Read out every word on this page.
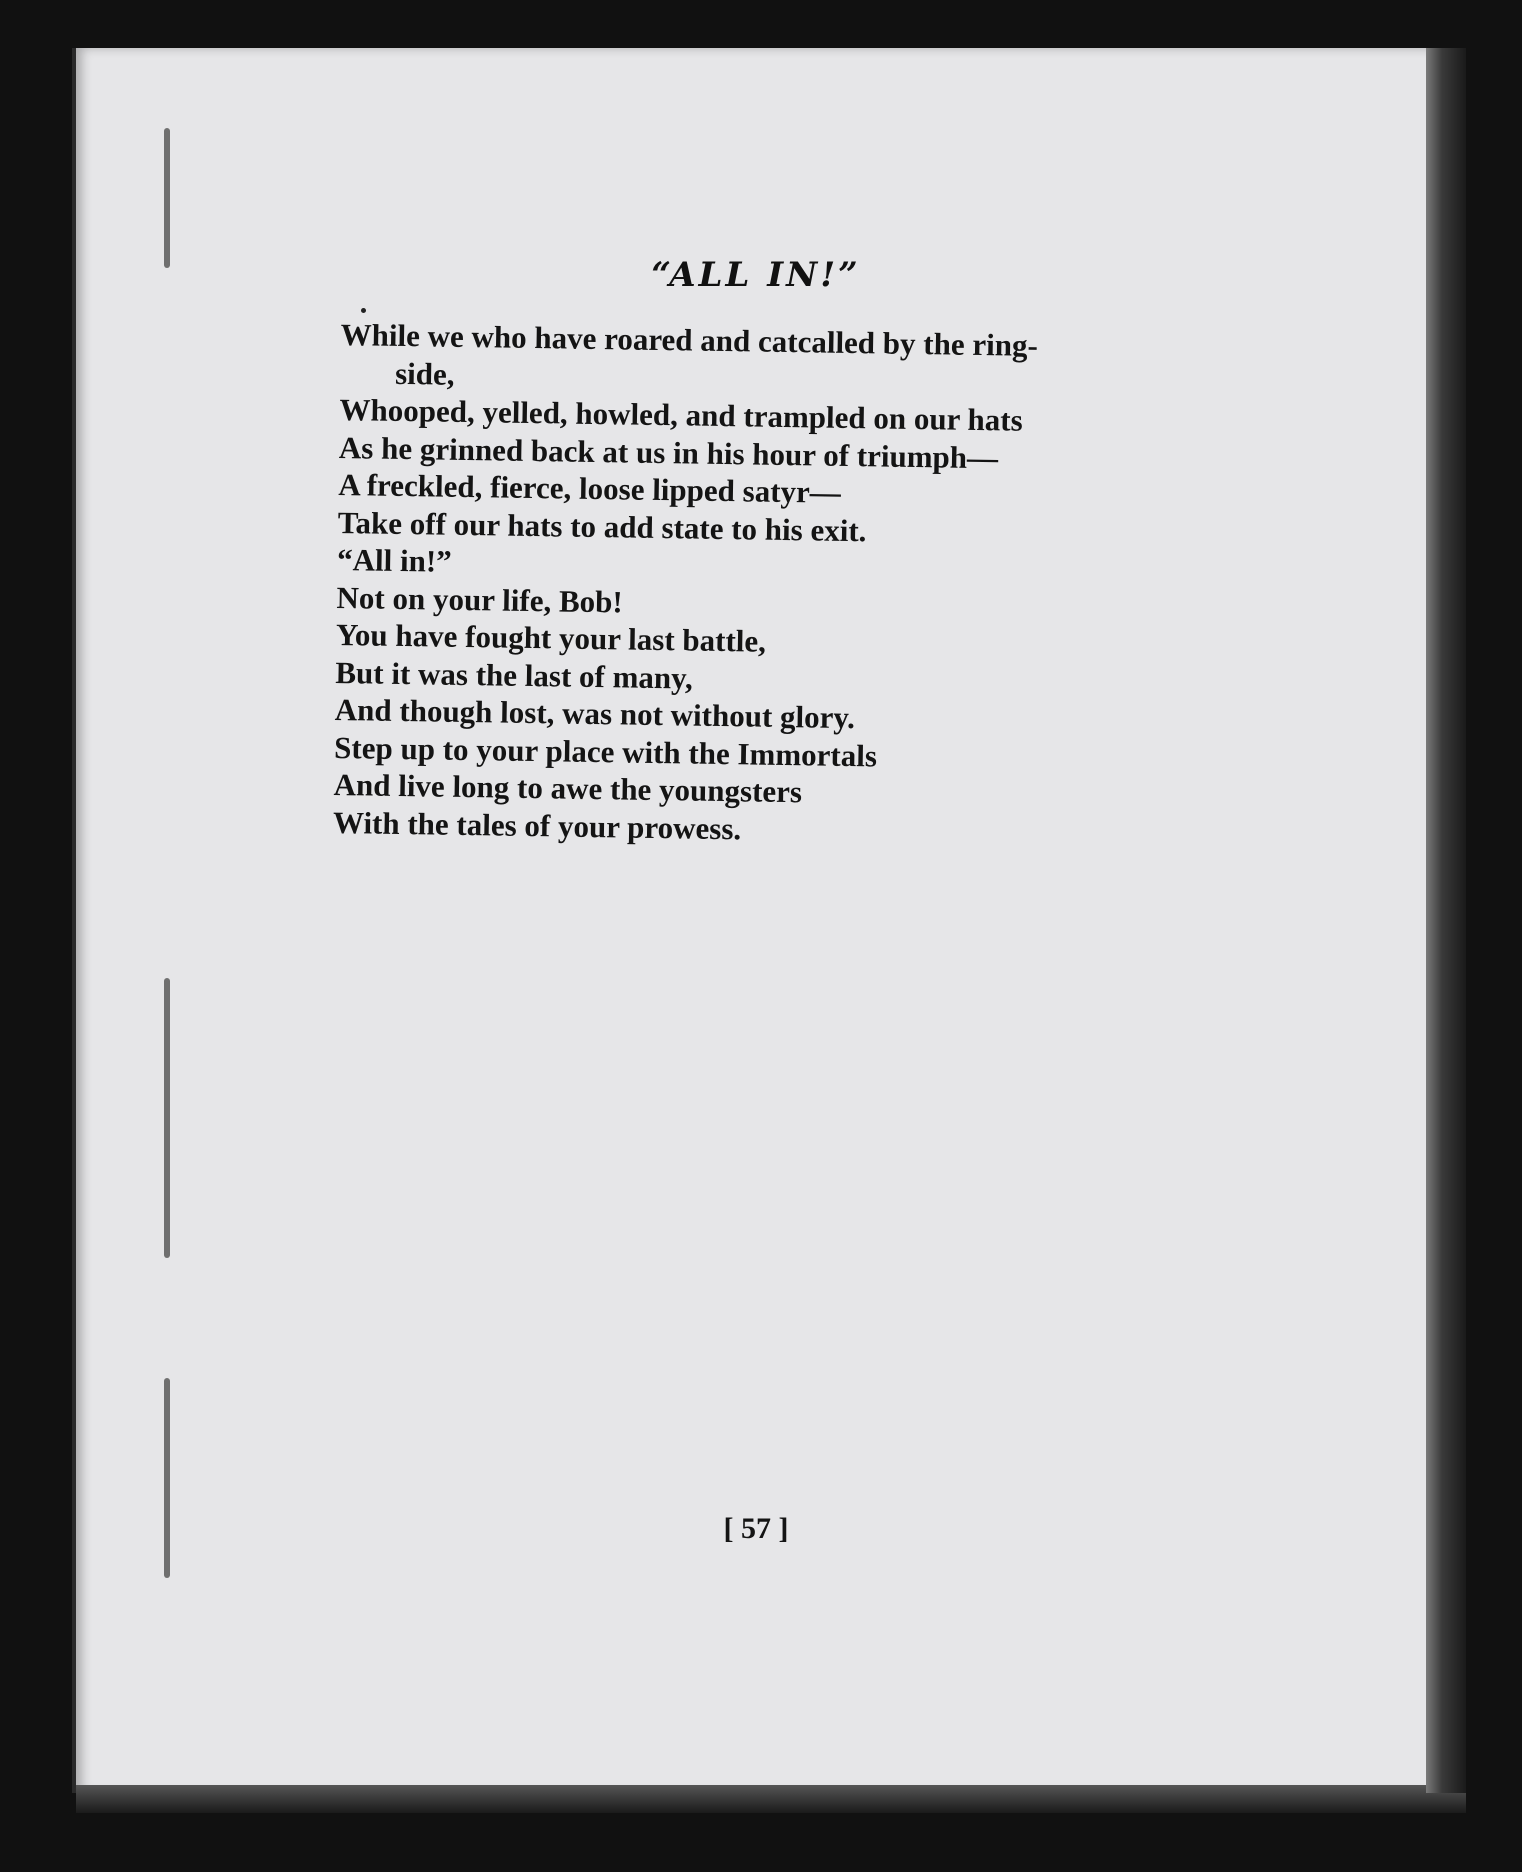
“ALL IN!”
While we who have roared and catcalled by the ring-
side,
Whooped, yelled, howled, and trampled on our hats
As he grinned back at us in his hour of triumph—
A freckled, fierce, loose lipped satyr—
Take off our hats to add state to his exit.
“All in!”
Not on your life, Bob!
You have fought your last battle,
But it was the last of many,
And though lost, was not without glory.
Step up to your place with the Immortals
And live long to awe the youngsters
With the tales of your prowess.

[ 57 ]
